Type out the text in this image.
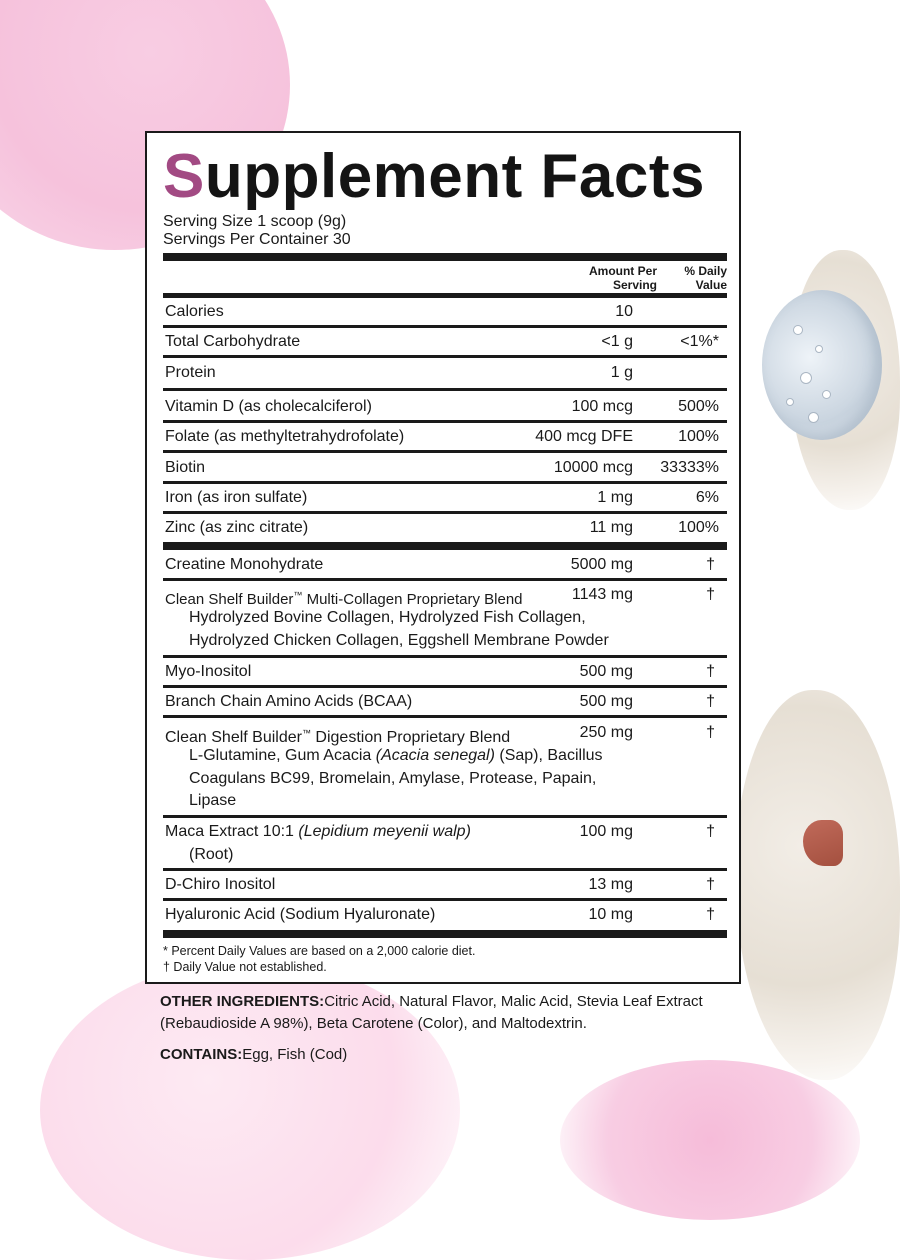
Supplement Facts
Serving Size 1 scoop (9g)
Servings Per Container 30
Amount Per Serving
% Daily Value
Calories	10
Total Carbohydrate	<1 g	<1%*
Protein	1 g
Vitamin D (as cholecalciferol)	100 mcg	500%
Folate (as methyltetrahydrofolate)	400 mcg DFE	100%
Biotin	10000 mcg 33333%
Iron (as iron sulfate)	1 mg	6%
Zinc (as zinc citrate)	11 mg	100%
Creatine Monohydrate	5000 mg	†
Clean Shelf Builder™ Multi-Collagen Proprietary Blend	1143 mg	†
Hydrolyzed Bovine Collagen, Hydrolyzed Fish Collagen,
Hydrolyzed Chicken Collagen, Eggshell Membrane Powder
Myo-Inositol	500 mg	†
Branch Chain Amino Acids (BCAA)	500 mg	†
Clean Shelf Builder™ Digestion Proprietary Blend	250 mg	†
L-Glutamine, Gum Acacia (Acacia senegal) (Sap), Bacillus
Coagulans BC99, Bromelain, Amylase, Protease, Papain,
Lipase
Maca Extract 10:1 (Lepidium meyenii walp)	100 mg	†
(Root)
D-Chiro Inositol	13 mg	†
Hyaluronic Acid (Sodium Hyaluronate)	10 mg	†
* Percent Daily Values are based on a 2,000 calorie diet.
† Daily Value not established.
OTHER INGREDIENTS:Citric Acid, Natural Flavor, Malic Acid, Stevia Leaf Extract (Rebaudioside A 98%), Beta Carotene (Color), and Maltodextrin.
CONTAINS:Egg, Fish (Cod)
